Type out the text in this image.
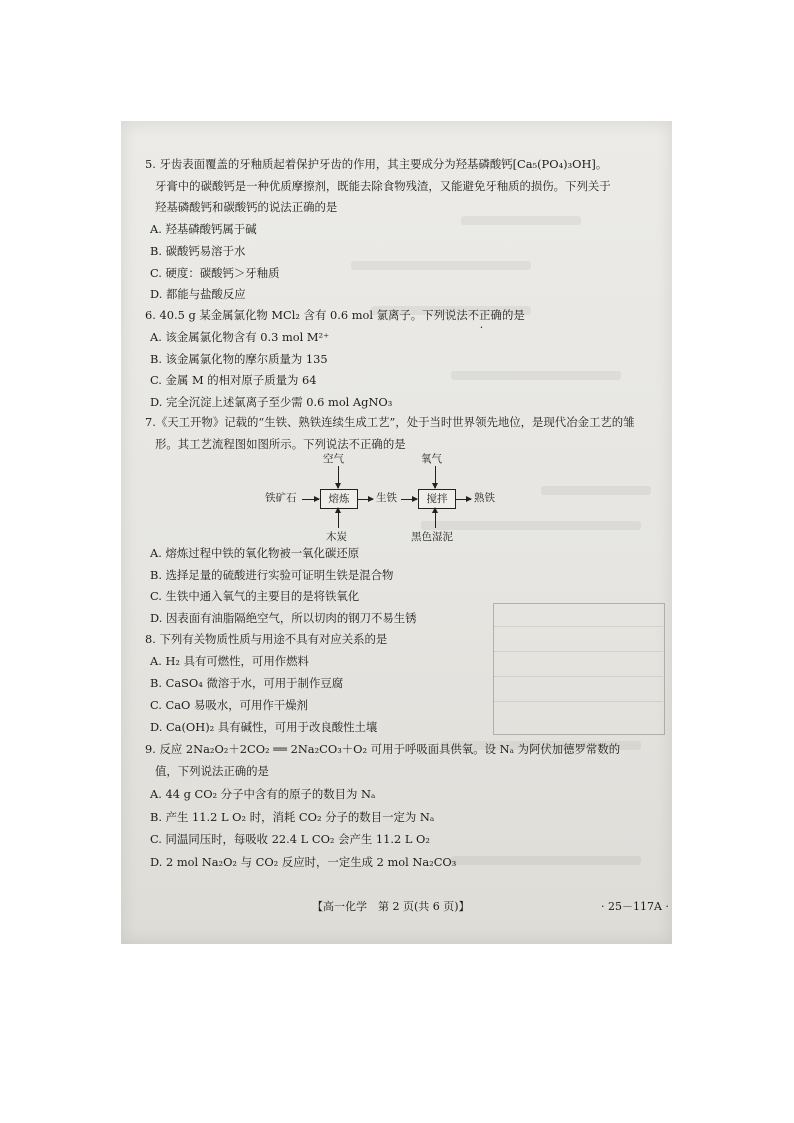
5. 牙齿表面覆盖的牙釉质起着保护牙齿的作用，其主要成分为羟基磷酸钙[Ca₅(PO₄)₃OH]。
牙膏中的碳酸钙是一种优质摩擦剂，既能去除食物残渣，又能避免牙釉质的损伤。下列关于
羟基磷酸钙和碳酸钙的说法正确的是
A. 羟基磷酸钙属于碱
B. 碳酸钙易溶于水
C. 硬度：碳酸钙＞牙釉质
D. 都能与盐酸反应
6. 40.5 g 某金属氯化物 MCl₂ 含有 0.6 mol 氯离子。下列说法不正确的是
A. 该金属氯化物含有 0.3 mol M²⁺
B. 该金属氯化物的摩尔质量为 135
C. 金属 M 的相对原子质量为 64
D. 完全沉淀上述氯离子至少需 0.6 mol AgNO₃
7.《天工开物》记载的“生铁、熟铁连续生成工艺”，处于当时世界领先地位，是现代冶金工艺的雏
形。其工艺流程图如图所示。下列说法不正确的是
空气	氧气
铁矿石	熔炼	生铁	搅拌	熟铁
木炭	黑色湿泥
A. 熔炼过程中铁的氧化物被一氧化碳还原
B. 选择足量的硫酸进行实验可证明生铁是混合物
C. 生铁中通入氧气的主要目的是将铁氧化
D. 因表面有油脂隔绝空气，所以切肉的钢刀不易生锈
8. 下列有关物质性质与用途不具有对应关系的是
A. H₂ 具有可燃性，可用作燃料
B. CaSO₄ 微溶于水，可用于制作豆腐
C. CaO 易吸水，可用作干燥剂
D. Ca(OH)₂ 具有碱性，可用于改良酸性土壤
9. 反应 2Na₂O₂＋2CO₂ ══ 2Na₂CO₃＋O₂ 可用于呼吸面具供氧。设 Nₐ 为阿伏加德罗常数的
值，下列说法正确的是
A. 44 g CO₂ 分子中含有的原子的数目为 Nₐ
B. 产生 11.2 L O₂ 时，消耗 CO₂ 分子的数目一定为 Nₐ
C. 同温同压时，每吸收 22.4 L CO₂ 会产生 11.2 L O₂
D. 2 mol Na₂O₂ 与 CO₂ 反应时，一定生成 2 mol Na₂CO₃
【高一化学　第 2 页(共 6 页)】	· 25－117A ·
